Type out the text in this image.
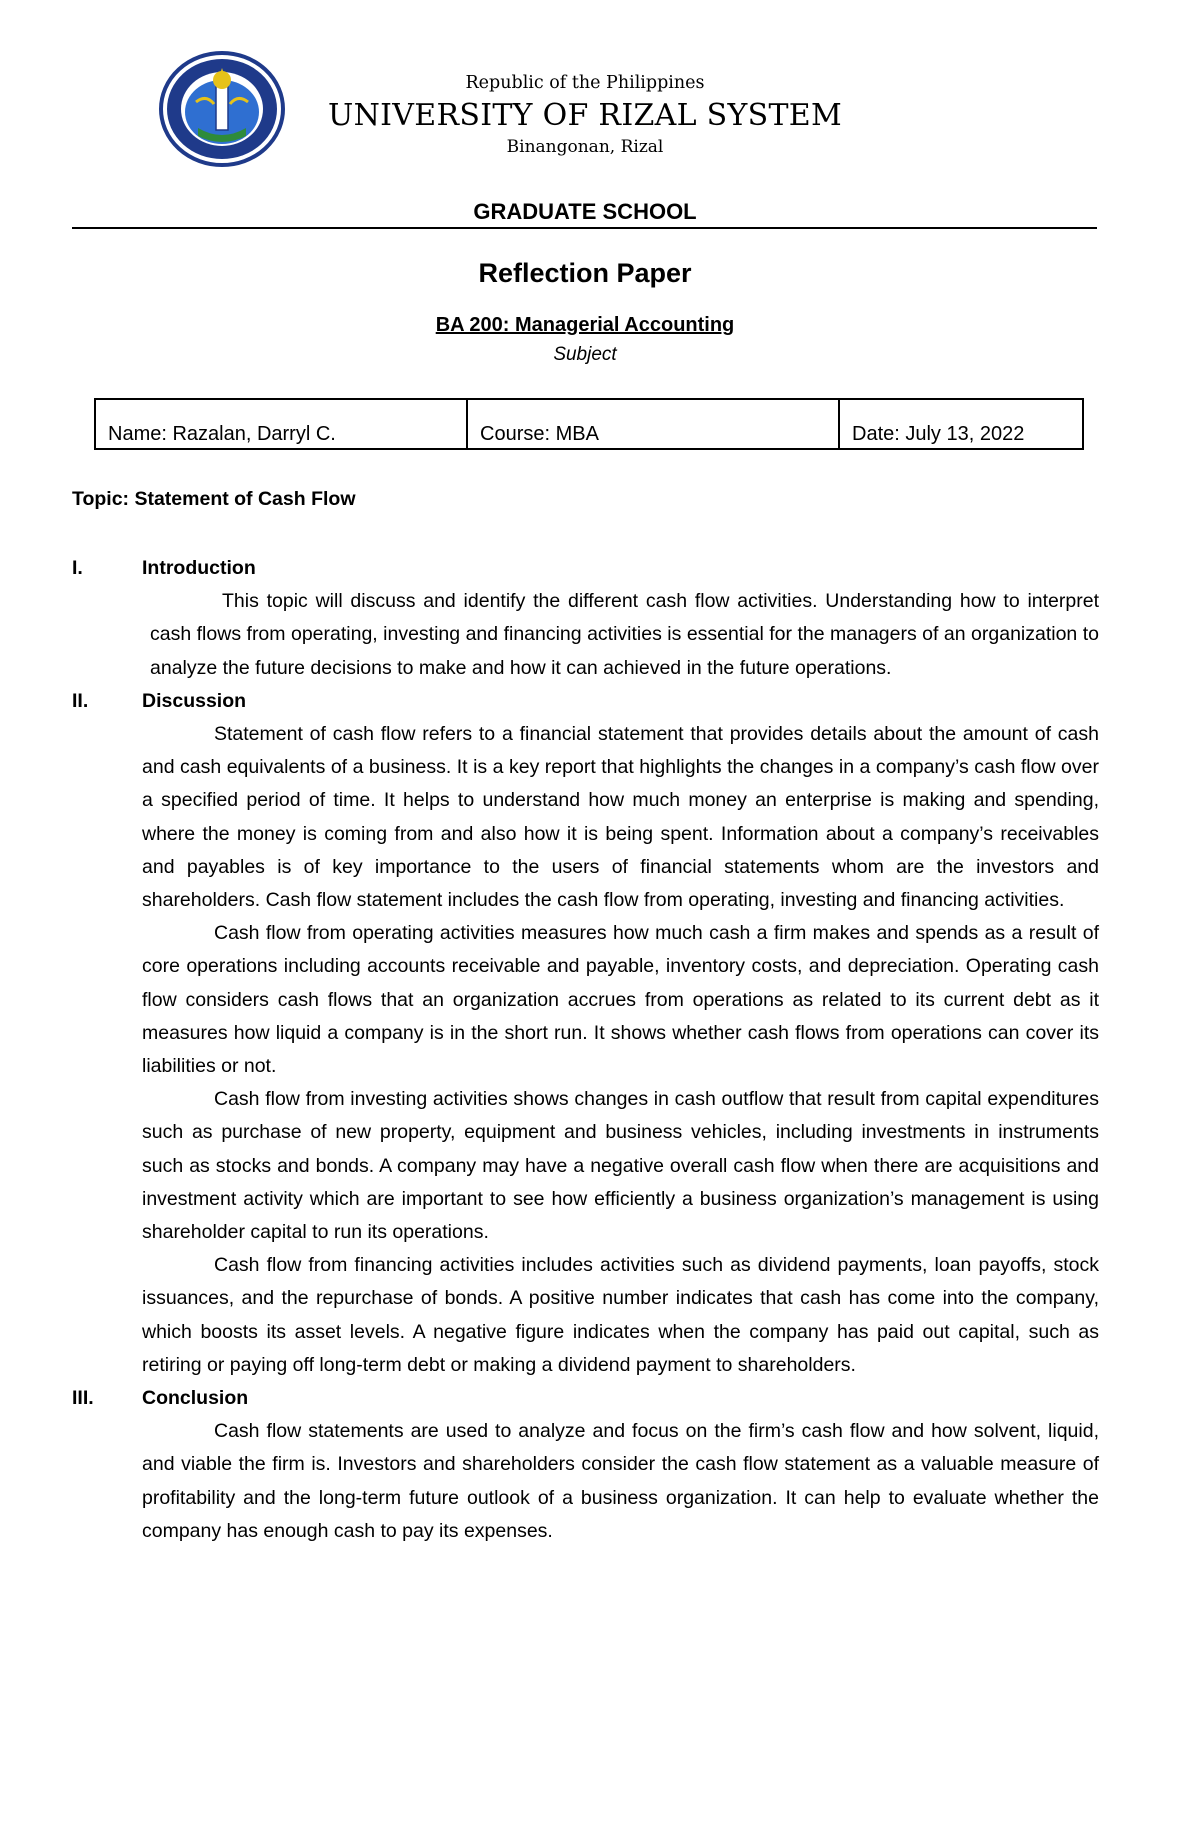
Republic of the Philippines
UNIVERSITY OF RIZAL SYSTEM
Binangonan, Rizal
GRADUATE SCHOOL
Reflection Paper
BA 200: Managerial Accounting
Subject
Name: Razalan, Darryl C.	Course: MBA	Date: July 13, 2022
Topic: Statement of Cash Flow
I.	Introduction
This topic will discuss and identify the different cash flow activities. Understanding how to interpret cash flows from operating, investing and financing activities is essential for the managers of an organization to analyze the future decisions to make and how it can achieved in the future operations.
II.	Discussion
Statement of cash flow refers to a financial statement that provides details about the amount of cash and cash equivalents of a business. It is a key report that highlights the changes in a company’s cash flow over a specified period of time. It helps to understand how much money an enterprise is making and spending, where the money is coming from and also how it is being spent. Information about a company’s receivables and payables is of key importance to the users of financial statements whom are the investors and shareholders. Cash flow statement includes the cash flow from operating, investing and financing activities.
Cash flow from operating activities measures how much cash a firm makes and spends as a result of core operations including accounts receivable and payable, inventory costs, and depreciation. Operating cash flow considers cash flows that an organization accrues from operations as related to its current debt as it measures how liquid a company is in the short run. It shows whether cash flows from operations can cover its liabilities or not.
Cash flow from investing activities shows changes in cash outflow that result from capital expenditures such as purchase of new property, equipment and business vehicles, including investments in instruments such as stocks and bonds. A company may have a negative overall cash flow when there are acquisitions and investment activity which are important to see how efficiently a business organization’s management is using shareholder capital to run its operations.
Cash flow from financing activities includes activities such as dividend payments, loan payoffs, stock issuances, and the repurchase of bonds. A positive number indicates that cash has come into the company, which boosts its asset levels. A negative figure indicates when the company has paid out capital, such as retiring or paying off long-term debt or making a dividend payment to shareholders.
III. Conclusion
Cash flow statements are used to analyze and focus on the firm’s cash flow and how solvent, liquid, and viable the firm is. Investors and shareholders consider the cash flow statement as a valuable measure of profitability and the long-term future outlook of a business organization. It can help to evaluate whether the company has enough cash to pay its expenses.
